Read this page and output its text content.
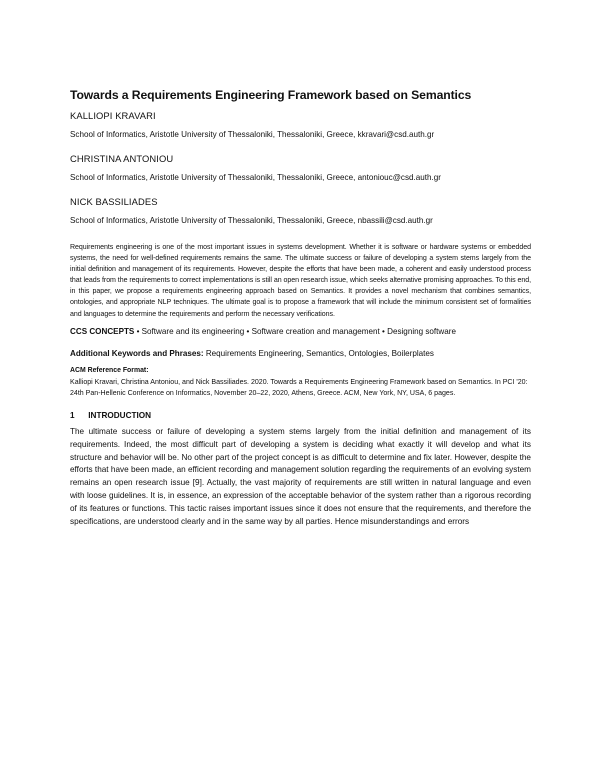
Towards a Requirements Engineering Framework based on Semantics

KALLIOPI KRAVARI

School of Informatics, Aristotle University of Thessaloniki, Thessaloniki, Greece, kkravari@csd.auth.gr

CHRISTINA ANTONIOU

School of Informatics, Aristotle University of Thessaloniki, Thessaloniki, Greece, antoniouc@csd.auth.gr

NICK BASSILIADES

School of Informatics, Aristotle University of Thessaloniki, Thessaloniki, Greece, nbassili@csd.auth.gr

Requirements engineering is one of the most important issues in systems development. Whether it is software or hardware systems or embedded systems, the need for well-defined requirements remains the same. The ultimate success or failure of developing a system stems largely from the initial definition and management of its requirements. However, despite the efforts that have been made, a coherent and easily understood process that leads from the requirements to correct implementations is still an open research issue, which seeks alternative promising approaches. To this end, in this paper, we propose a requirements engineering approach based on Semantics. It provides a novel mechanism that combines semantics, ontologies, and appropriate NLP techniques. The ultimate goal is to propose a framework that will include the minimum consistent set of formalities and languages to determine the requirements and perform the necessary verifications.

CCS CONCEPTS • Software and its engineering • Software creation and management • Designing software

Additional Keywords and Phrases: Requirements Engineering, Semantics, Ontologies, Boilerplates

ACM Reference Format:

Kalliopi Kravari, Christina Antoniou, and Nick Bassiliades. 2020. Towards a Requirements Engineering Framework based on Semantics. In PCI '20: 24th Pan-Hellenic Conference on Informatics, November 20–22, 2020, Athens, Greece. ACM, New York, NY, USA, 6 pages.

1 INTRODUCTION

The ultimate success or failure of developing a system stems largely from the initial definition and management of its requirements. Indeed, the most difficult part of developing a system is deciding what exactly it will develop and what its structure and behavior will be. No other part of the project concept is as difficult to determine and fix later. However, despite the efforts that have been made, an efficient recording and management solution regarding the requirements of an evolving system remains an open research issue [9]. Actually, the vast majority of requirements are still written in natural language and even with loose guidelines. It is, in essence, an expression of the acceptable behavior of the system rather than a rigorous recording of its features or functions. This tactic raises important issues since it does not ensure that the requirements, and therefore the specifications, are understood clearly and in the same way by all parties. Hence misunderstandings and errors
